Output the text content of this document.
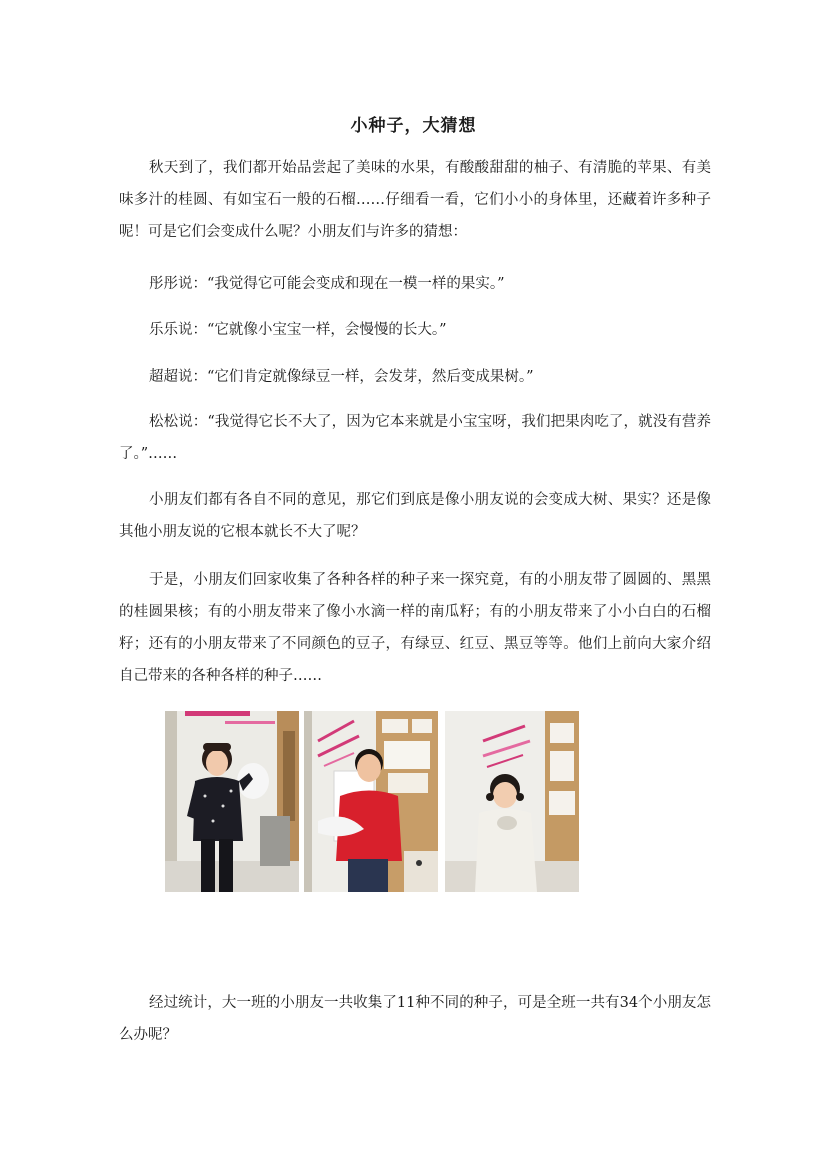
小种子，大猜想

秋天到了，我们都开始品尝起了美味的水果，有酸酸甜甜的柚子、有清脆的苹果、有美味多汁的桂圆、有如宝石一般的石榴……仔细看一看，它们小小的身体里，还藏着许多种子呢！可是它们会变成什么呢？小朋友们与许多的猜想：

彤彤说：“我觉得它可能会变成和现在一模一样的果实。”

乐乐说：“它就像小宝宝一样，会慢慢的长大。”

超超说：“它们肯定就像绿豆一样，会发芽，然后变成果树。”

松松说：“我觉得它长不大了，因为它本来就是小宝宝呀，我们把果肉吃了，就没有营养了。”……

小朋友们都有各自不同的意见，那它们到底是像小朋友说的会变成大树、果实？还是像其他小朋友说的它根本就长不大了呢？

于是，小朋友们回家收集了各种各样的种子来一探究竟，有的小朋友带了圆圆的、黑黑的桂圆果核；有的小朋友带来了像小水滴一样的南瓜籽；有的小朋友带来了小小白白的石榴籽；还有的小朋友带来了不同颜色的豆子，有绿豆、红豆、黑豆等等。他们上前向大家介绍自己带来的各种各样的种子……

经过统计，大一班的小朋友一共收集了11种不同的种子，可是全班一共有34个小朋友怎么办呢？
